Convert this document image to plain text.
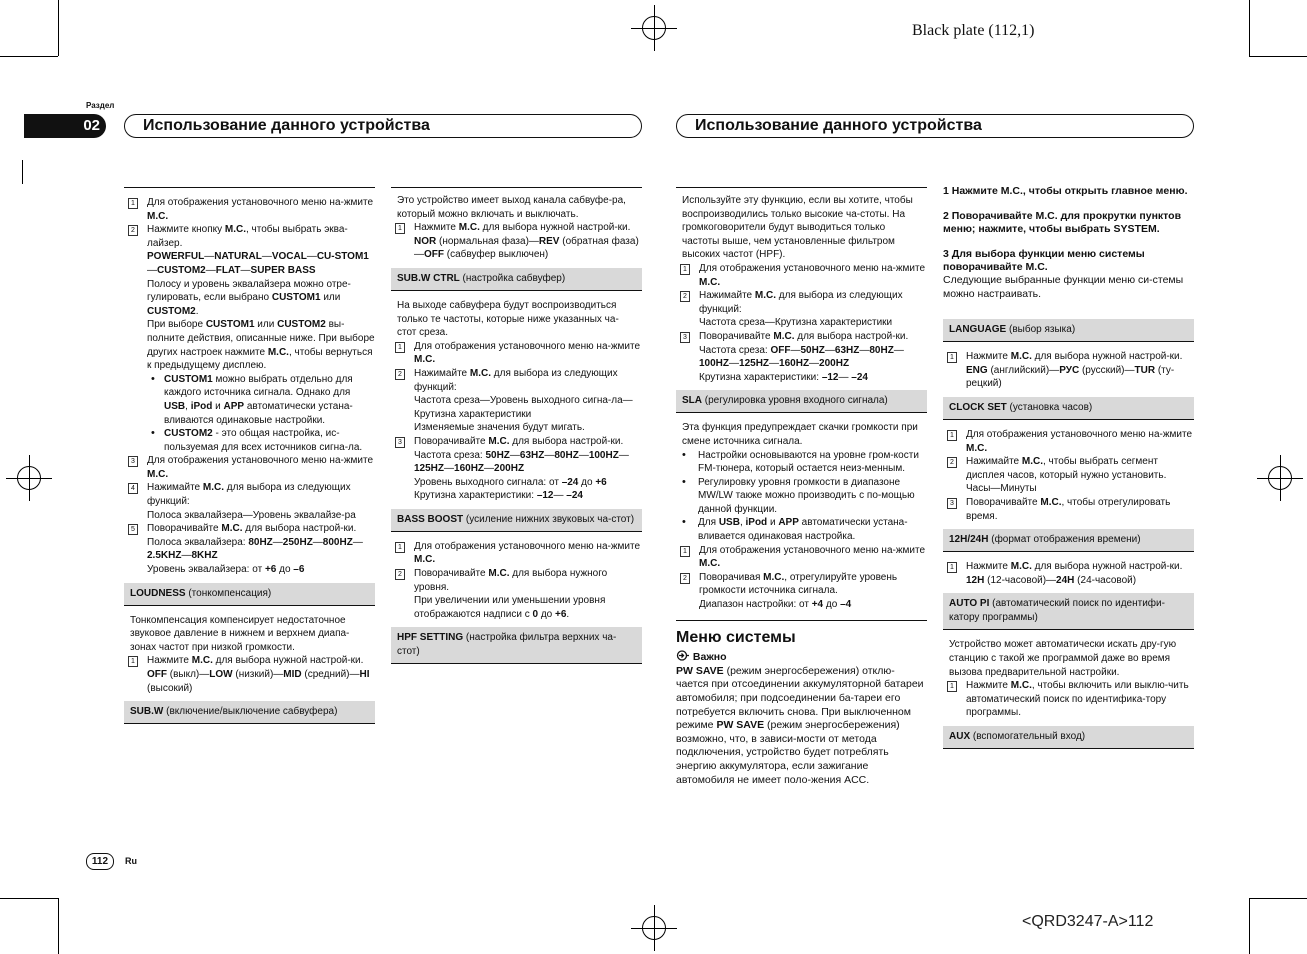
Black plate (112,1)
<QRD3247-A>112
Раздел
02	Использование данного устройства	Использование данного устройства
1	Для отображения установочного меню на-жмите M.C.
2	Нажмите кнопку M.C., чтобы выбрать эква-лайзер.
POWERFUL—NATURAL—VOCAL—CU-STOM1—CUSTOM2—FLAT—SUPER BASS
Полосу и уровень эквалайзера можно отре-гулировать, если выбрано CUSTOM1 или CUSTOM2.
При выборе CUSTOM1 или CUSTOM2 вы-полните действия, описанные ниже. При выборе других настроек нажмите M.C., чтобы вернуться к предыдущему дисплею.
• CUSTOM1 можно выбрать отдельно для каждого источника сигнала. Однако для USB, iPod и APP автоматически устана-вливаются одинаковые настройки.
• CUSTOM2 - это общая настройка, ис-пользуемая для всех источников сигна-ла.
3	Для отображения установочного меню на-жмите M.C.
4	Нажимайте M.C. для выбора из следующих функций:
Полоса эквалайзера—Уровень эквалайзе-ра
5	Поворачивайте M.C. для выбора настрой-ки.
Полоса эквалайзера: 80HZ—250HZ—800HZ—2.5KHZ—8KHZ
Уровень эквалайзера: от +6 до –6
LOUDNESS (тонкомпенсация)
Тонкомпенсация компенсирует недостаточное звуковое давление в нижнем и верхнем диапа-зонах частот при низкой громкости.
1	Нажмите M.C. для выбора нужной настрой-ки.
OFF (выкл)—LOW (низкий)—MID (средний)—HI (высокий)
SUB.W (включение/выключение сабвуфера)
Это устройство имеет выход канала сабвуфе-ра, который можно включать и выключать.
1	Нажмите M.C. для выбора нужной настрой-ки.
NOR (нормальная фаза)—REV (обратная фаза)—OFF (сабвуфер выключен)
SUB.W CTRL (настройка сабвуфер)
На выходе сабвуфера будут воспроизводиться только те частоты, которые ниже указанных ча-стот среза.
1	Для отображения установочного меню на-жмите M.C.
2	Нажимайте M.C. для выбора из следующих функций:
Частота среза—Уровень выходного сигна-ла—Крутизна характеристики
Изменяемые значения будут мигать.
3	Поворачивайте M.C. для выбора настрой-ки.
Частота среза: 50HZ—63HZ—80HZ—100HZ—125HZ—160HZ—200HZ
Уровень выходного сигнала: от –24 до +6
Крутизна характеристики: –12— –24
BASS BOOST (усиление нижних звуковых ча-стот)
1	Для отображения установочного меню на-жмите M.C.
2	Поворачивайте M.C. для выбора нужного уровня.
При увеличении или уменьшении уровня отображаются надписи с 0 до +6.
HPF SETTING (настройка фильтра верхних ча-стот)
Используйте эту функцию, если вы хотите, чтобы воспроизводились только высокие ча-стоты. На громкоговорители будут выводиться только частоты выше, чем установленные фильтром высоких частот (HPF).
1	Для отображения установочного меню на-жмите M.C.
2	Нажимайте M.C. для выбора из следующих функций:
Частота среза—Крутизна характеристики
3	Поворачивайте M.C. для выбора настрой-ки.
Частота среза: OFF—50HZ—63HZ—80HZ—100HZ—125HZ—160HZ—200HZ
Крутизна характеристики: –12— –24
SLA (регулировка уровня входного сигнала)
Эта функция предупреждает скачки громкости при смене источника сигнала.
• Настройки основываются на уровне гром-кости FM-тюнера, который остается неиз-менным.
• Регулировку уровня громкости в диапазоне MW/LW также можно производить с по-мощью данной функции.
• Для USB, iPod и APP автоматически устана-вливается одинаковая настройка.
1	Для отображения установочного меню на-жмите M.C.
2	Поворачивая M.C., отрегулируйте уровень громкости источника сигнала.
Диапазон настройки: от +4 до –4
Меню системы
Важно
PW SAVE (режим энергосбережения) отклю-чается при отсоединении аккумуляторной батареи автомобиля; при подсоединении ба-тареи его потребуется включить снова. При выключенном режиме PW SAVE (режим энергосбережения) возможно, что, в зависи-мости от метода подключения, устройство будет потреблять энергию аккумулятора, если зажигание автомобиля не имеет поло-жения ACC.
1 Нажмите M.C., чтобы открыть главное меню.
2 Поворачивайте M.C. для прокрутки пунктов меню; нажмите, чтобы выбрать SYSTEM.
3 Для выбора функции меню системы поворачивайте M.C.
Следующие выбранные функции меню си-стемы можно настраивать.
LANGUAGE (выбор языка)
1	Нажмите M.C. для выбора нужной настрой-ки.
ENG (английский)—РУС (русский)—TUR (ту-рецкий)
CLOCK SET (установка часов)
1	Для отображения установочного меню на-жмите M.C.
2	Нажимайте M.C., чтобы выбрать сегмент дисплея часов, который нужно установить.
Часы—Минуты
3	Поворачивайте M.C., чтобы отрегулировать время.
12H/24H (формат отображения времени)
1	Нажмите M.C. для выбора нужной настрой-ки.
12H (12-часовой)—24H (24-часовой)
AUTO PI (автоматический поиск по идентифи-катору программы)
Устройство может автоматически искать дру-гую станцию с такой же программой даже во время вызова предварительной настройки.
1	Нажмите M.C., чтобы включить или выклю-чить автоматический поиск по идентифика-тору программы.
AUX (вспомогательный вход)
112	Ru
